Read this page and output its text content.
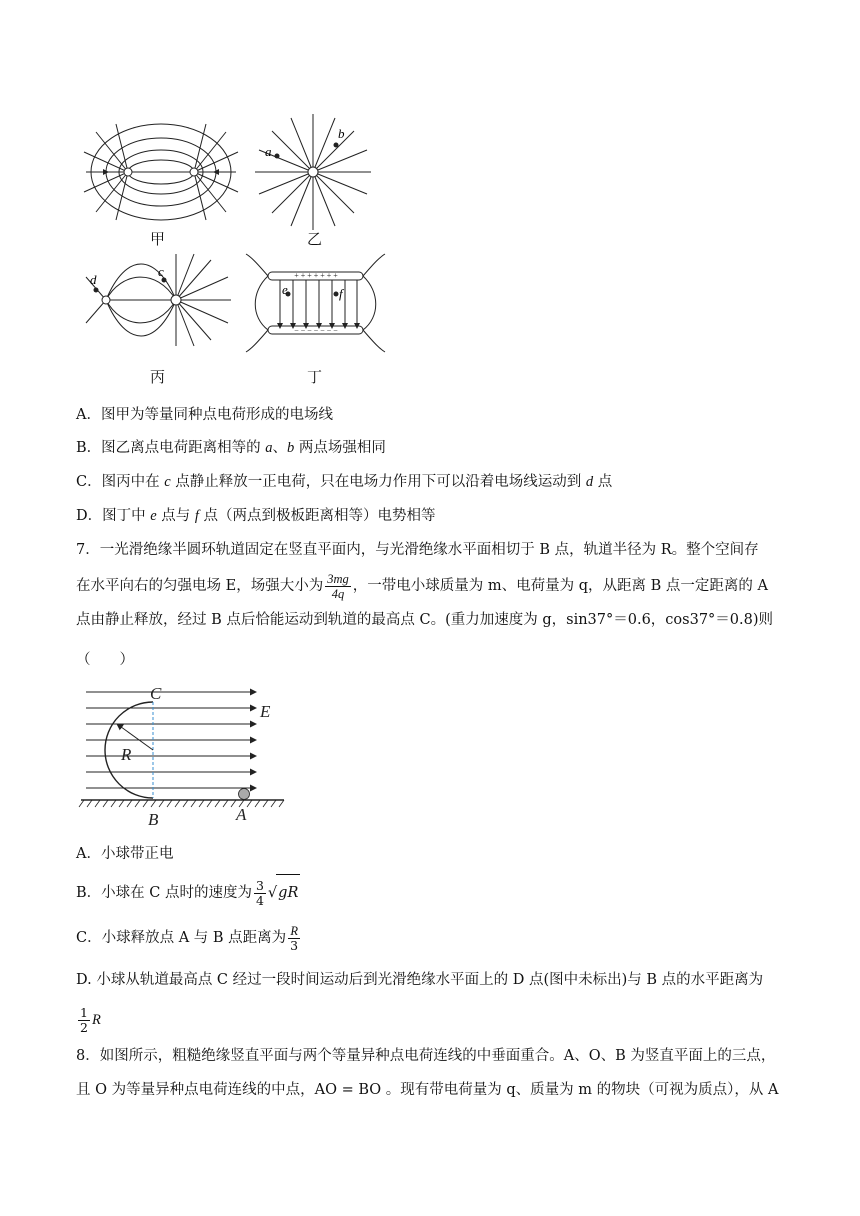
+ + + + + + +
− − − − − − −
b
a
c
d
e	f
甲	乙
丙	丁
A．图甲为等量同种点电荷形成的电场线
B．图乙离点电荷距离相等的 a、b 两点场强相同
C．图丙中在 c 点静止释放一正电荷，只在电场力作用下可以沿着电场线运动到 d 点
D．图丁中 e 点与 f 点（两点到极板距离相等）电势相等
7．一光滑绝缘半圆环轨道固定在竖直平面内，与光滑绝缘水平面相切于 B 点，轨道半径为 R。整个空间存
在水平向右的匀强电场 E，场强大小为 $\frac{3mg}{4q}$ ，一带电小球质量为 m、电荷量为 q，从距离 B 点一定距离的 A
点由静止释放，经过 B 点后恰能运动到轨道的最高点 C。(重力加速度为 g，sin37°＝0.6，cos37°＝0.8)则
（　　）
C
E
R
B	A
A．小球带正电
B．小球在 C 点时的速度为 $\frac{3}{4} √gR$
C．小球释放点 A 与 B 点距离为 $\frac{R}{3}$
D. 小球从轨道最高点 C 经过一段时间运动后到光滑绝缘水平面上的 D 点(图中未标出)与 B 点的水平距离为
$\frac{1}{2}$ R
8．如图所示，粗糙绝缘竖直平面与两个等量异种点电荷连线的中垂面重合。A、O、B 为竖直平面上的三点，
且 O 为等量异种点电荷连线的中点，AO = BO 。现有带电荷量为 q、质量为 m 的物块（可视为质点），从 A
